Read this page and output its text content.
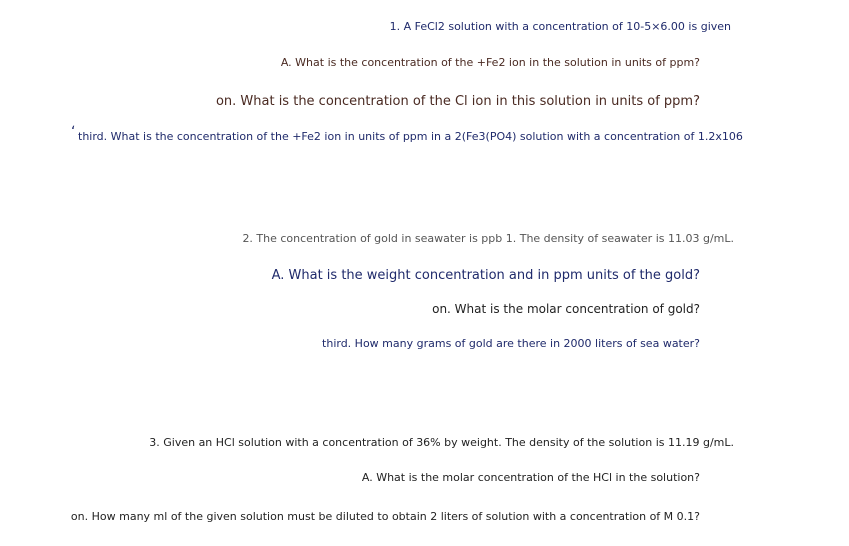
1. A FeCl2 solution with a concentration of 10-5×6.00 is given
A. What is the concentration of the +Fe2 ion in the solution in units of ppm?
on. What is the concentration of the Cl ion in this solution in units of ppm?
ʻ third. What is the concentration of the +Fe2 ion in units of ppm in a 2(Fe3(PO4) solution with a concentration of 1.2x106
2. The concentration of gold in seawater is ppb 1. The density of seawater is 11.03 g/mL.
A. What is the weight concentration and in ppm units of the gold?
on. What is the molar concentration of gold?
third. How many grams of gold are there in 2000 liters of sea water?
3. Given an HCl solution with a concentration of 36% by weight. The density of the solution is 11.19 g/mL.
A. What is the molar concentration of the HCl in the solution?
on. How many ml of the given solution must be diluted to obtain 2 liters of solution with a concentration of M 0.1?
